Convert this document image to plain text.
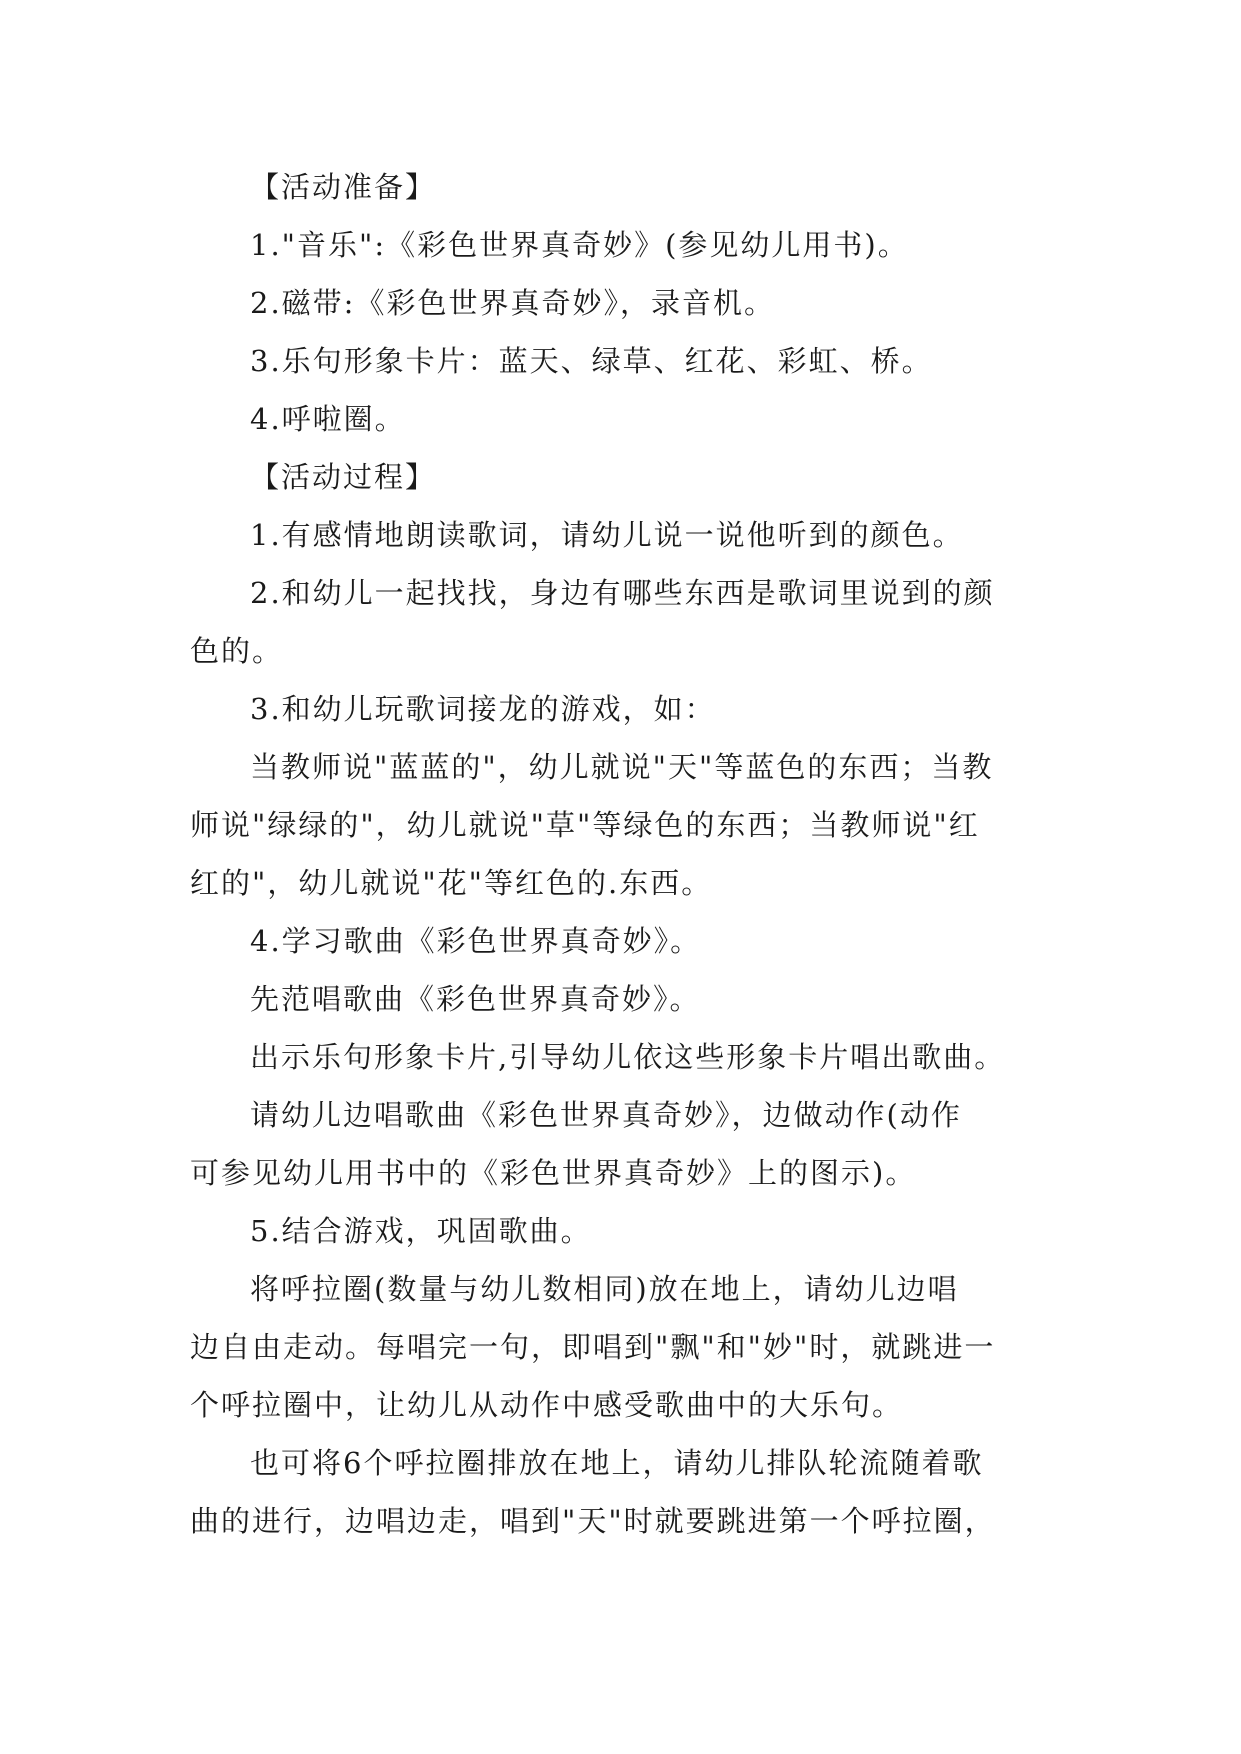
【活动准备】
1."音乐":《彩色世界真奇妙》(参见幼儿用书)。
2.磁带:《彩色世界真奇妙》，录音机。
3.乐句形象卡片：蓝天、绿草、红花、彩虹、桥。
4.呼啦圈。
【活动过程】
1.有感情地朗读歌词，请幼儿说一说他听到的颜色。
2.和幼儿一起找找，身边有哪些东西是歌词里说到的颜
色的。
3.和幼儿玩歌词接龙的游戏，如：
当教师说"蓝蓝的"，幼儿就说"天"等蓝色的东西；当教
师说"绿绿的"，幼儿就说"草"等绿色的东西；当教师说"红
红的"，幼儿就说"花"等红色的.东西。
4.学习歌曲《彩色世界真奇妙》。
先范唱歌曲《彩色世界真奇妙》。
出示乐句形象卡片,引导幼儿依这些形象卡片唱出歌曲。
请幼儿边唱歌曲《彩色世界真奇妙》，边做动作(动作
可参见幼儿用书中的《彩色世界真奇妙》上的图示)。
5.结合游戏，巩固歌曲。
将呼拉圈(数量与幼儿数相同)放在地上，请幼儿边唱
边自由走动。每唱完一句，即唱到"飘"和"妙"时，就跳进一
个呼拉圈中，让幼儿从动作中感受歌曲中的大乐句。
也可将6个呼拉圈排放在地上，请幼儿排队轮流随着歌
曲的进行，边唱边走，唱到"天"时就要跳进第一个呼拉圈，
